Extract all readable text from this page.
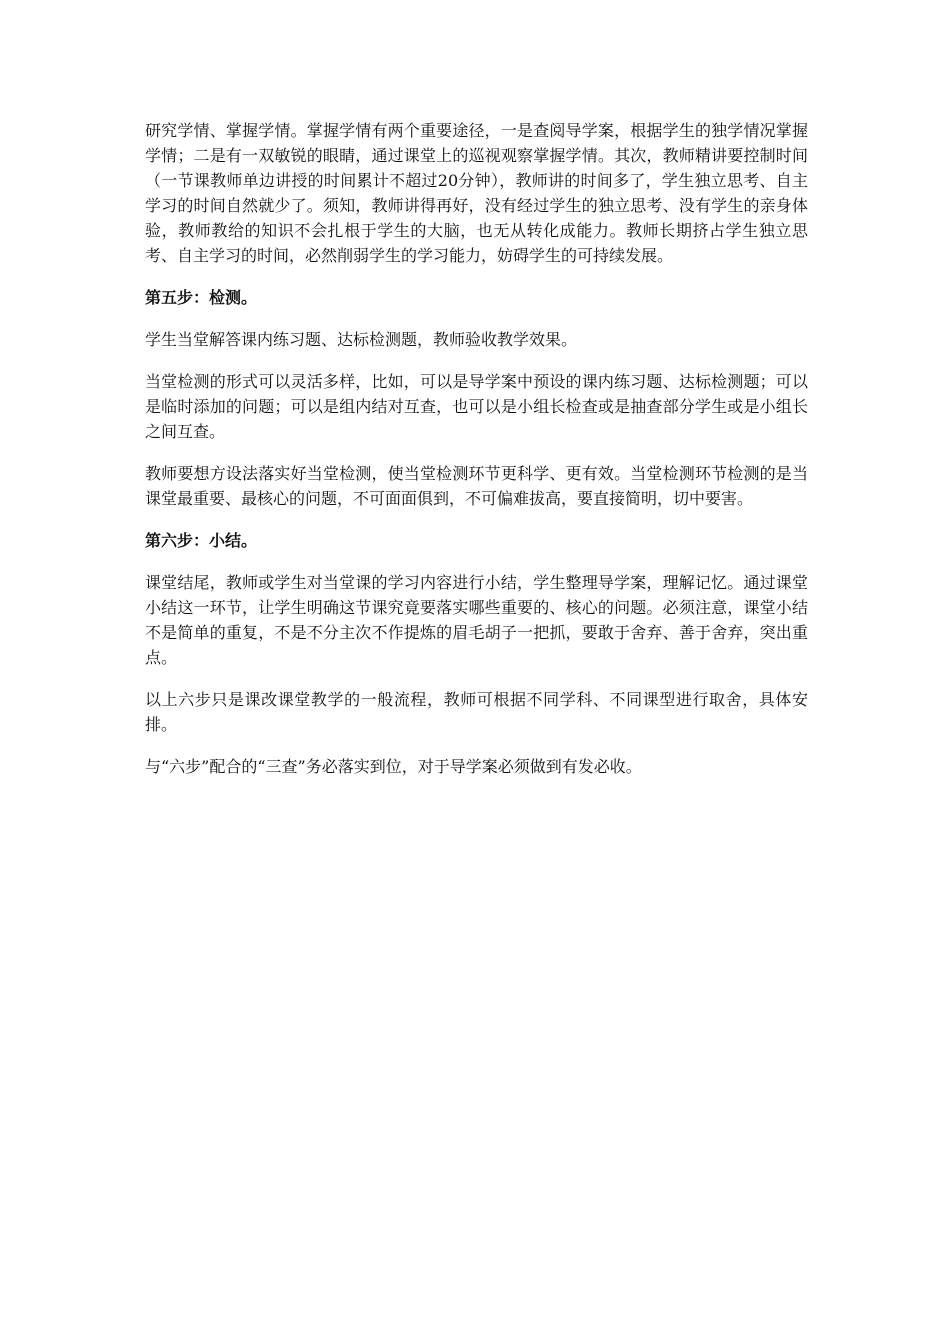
研究学情、掌握学情。掌握学情有两个重要途径，一是查阅导学案，根据学生的独学情况掌握学情；二是有一双敏锐的眼睛，通过课堂上的巡视观察掌握学情。其次，教师精讲要控制时间（一节课教师单边讲授的时间累计不超过20分钟），教师讲的时间多了，学生独立思考、自主学习的时间自然就少了。须知，教师讲得再好，没有经过学生的独立思考、没有学生的亲身体验，教师教给的知识不会扎根于学生的大脑，也无从转化成能力。教师长期挤占学生独立思考、自主学习的时间，必然削弱学生的学习能力，妨碍学生的可持续发展。

第五步：检测。

学生当堂解答课内练习题、达标检测题，教师验收教学效果。

当堂检测的形式可以灵活多样，比如，可以是导学案中预设的课内练习题、达标检测题；可以是临时添加的问题；可以是组内结对互查，也可以是小组长检查或是抽查部分学生或是小组长之间互查。

教师要想方设法落实好当堂检测，使当堂检测环节更科学、更有效。当堂检测环节检测的是当课堂最重要、最核心的问题，不可面面俱到，不可偏难拔高，要直接简明，切中要害。

第六步：小结。

课堂结尾，教师或学生对当堂课的学习内容进行小结，学生整理导学案，理解记忆。通过课堂小结这一环节，让学生明确这节课究竟要落实哪些重要的、核心的问题。必须注意，课堂小结不是简单的重复，不是不分主次不作提炼的眉毛胡子一把抓，要敢于舍弃、善于舍弃，突出重点。

以上六步只是课改课堂教学的一般流程，教师可根据不同学科、不同课型进行取舍，具体安排。

与“六步”配合的“三查”务必落实到位，对于导学案必须做到有发必收。
